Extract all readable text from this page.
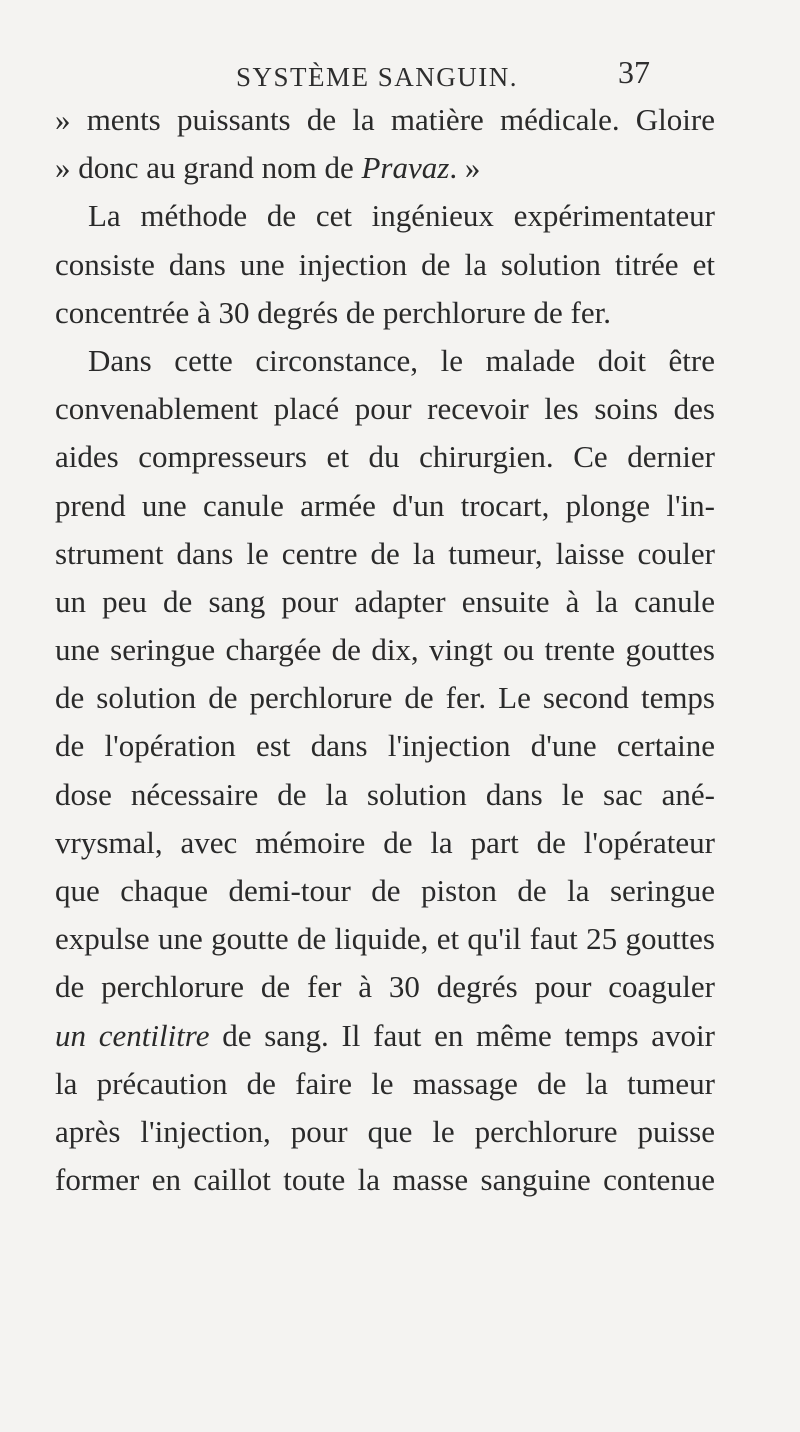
SYSTÈME SANGUIN.	37
» ments puissants de la matière médicale. Gloire
» donc au grand nom de Pravaz. »
La méthode de cet ingénieux expérimentateur
consiste dans une injection de la solution titrée et
concentrée à 30 degrés de perchlorure de fer.
Dans cette circonstance, le malade doit être
convenablement placé pour recevoir les soins des
aides compresseurs et du chirurgien. Ce dernier
prend une canule armée d'un trocart, plonge l'in-
strument dans le centre de la tumeur, laisse couler
un peu de sang pour adapter ensuite à la canule
une seringue chargée de dix, vingt ou trente gouttes
de solution de perchlorure de fer. Le second temps
de l'opération est dans l'injection d'une certaine
dose nécessaire de la solution dans le sac ané-
vrysmal, avec mémoire de la part de l'opérateur
que chaque demi-tour de piston de la seringue
expulse une goutte de liquide, et qu'il faut 25 gouttes
de perchlorure de fer à 30 degrés pour coaguler
un centilitre de sang. Il faut en même temps avoir
la précaution de faire le massage de la tumeur
après l'injection, pour que le perchlorure puisse
former en caillot toute la masse sanguine contenue
